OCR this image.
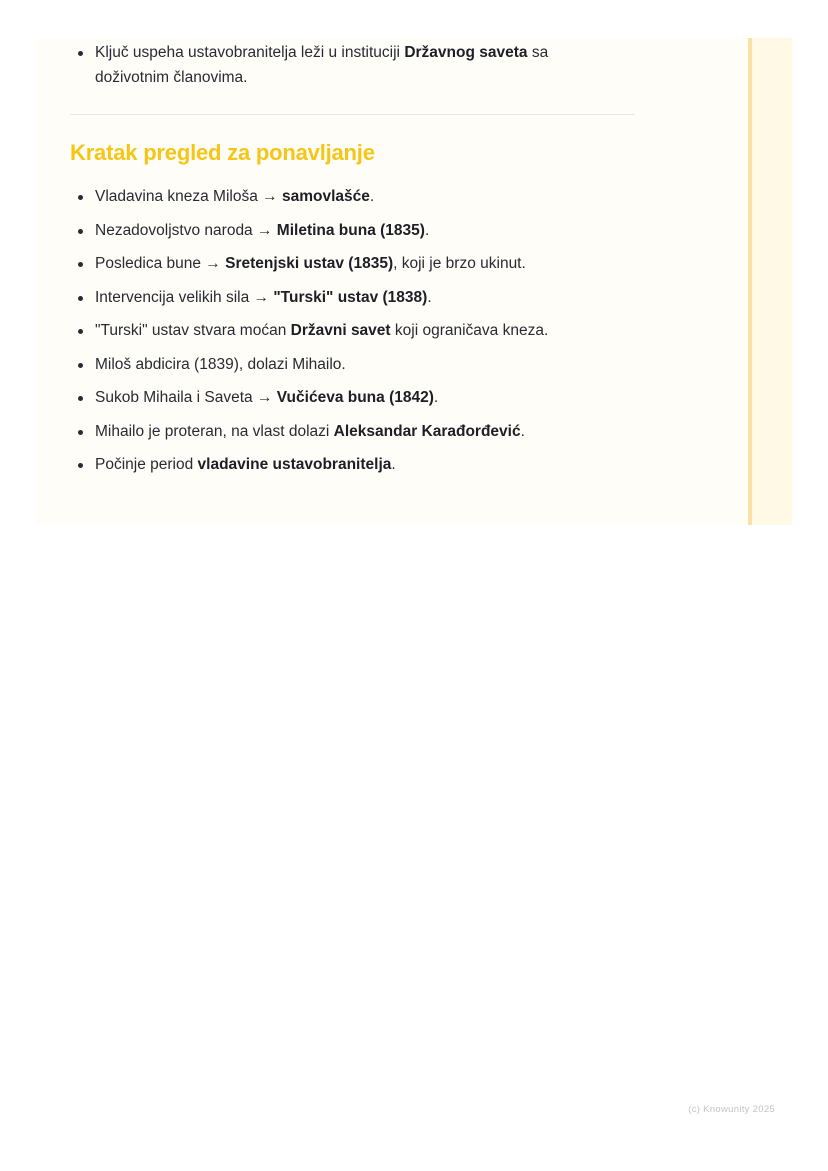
Ključ uspeha ustavobranitelja leži u instituciji Državnog saveta sa doživotnim članovima.
Kratak pregled za ponavljanje
Vladavina kneza Miloša → samovlašće.
Nezadovoljstvo naroda → Miletina buna (1835).
Posledica bune → Sretenjski ustav (1835), koji je brzo ukinut.
Intervencija velikih sila → "Turski" ustav (1838).
"Turski" ustav stvara moćan Državni savet koji ograničava kneza.
Miloš abdicira (1839), dolazi Mihailo.
Sukob Mihaila i Saveta → Vučićeva buna (1842).
Mihailo je proteran, na vlast dolazi Aleksandar Karađorđević.
Počinje period vladavine ustavobranitelja.
(c) Knowunity 2025
